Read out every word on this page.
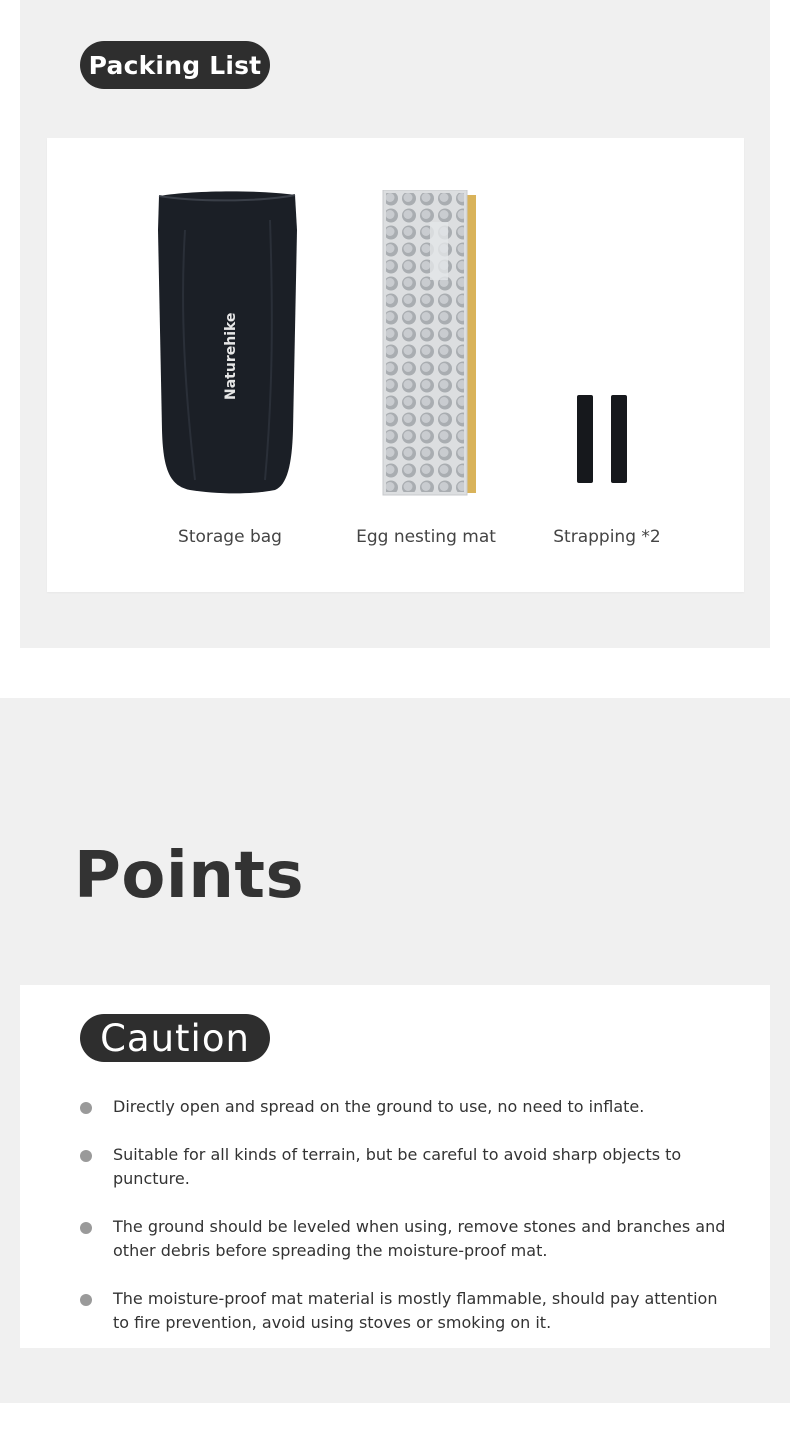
Packing List
Naturehike
Storage bag	Egg nesting mat	Strapping *2
Points
Caution
Directly open and spread on the ground to use, no need to inflate.
Suitable for all kinds of terrain, but be careful to avoid sharp objects to puncture.
The ground should be leveled when using, remove stones and branches and other debris before spreading the moisture-proof mat.
The moisture-proof mat material is mostly flammable, should pay attention to fire prevention, avoid using stoves or smoking on it.
